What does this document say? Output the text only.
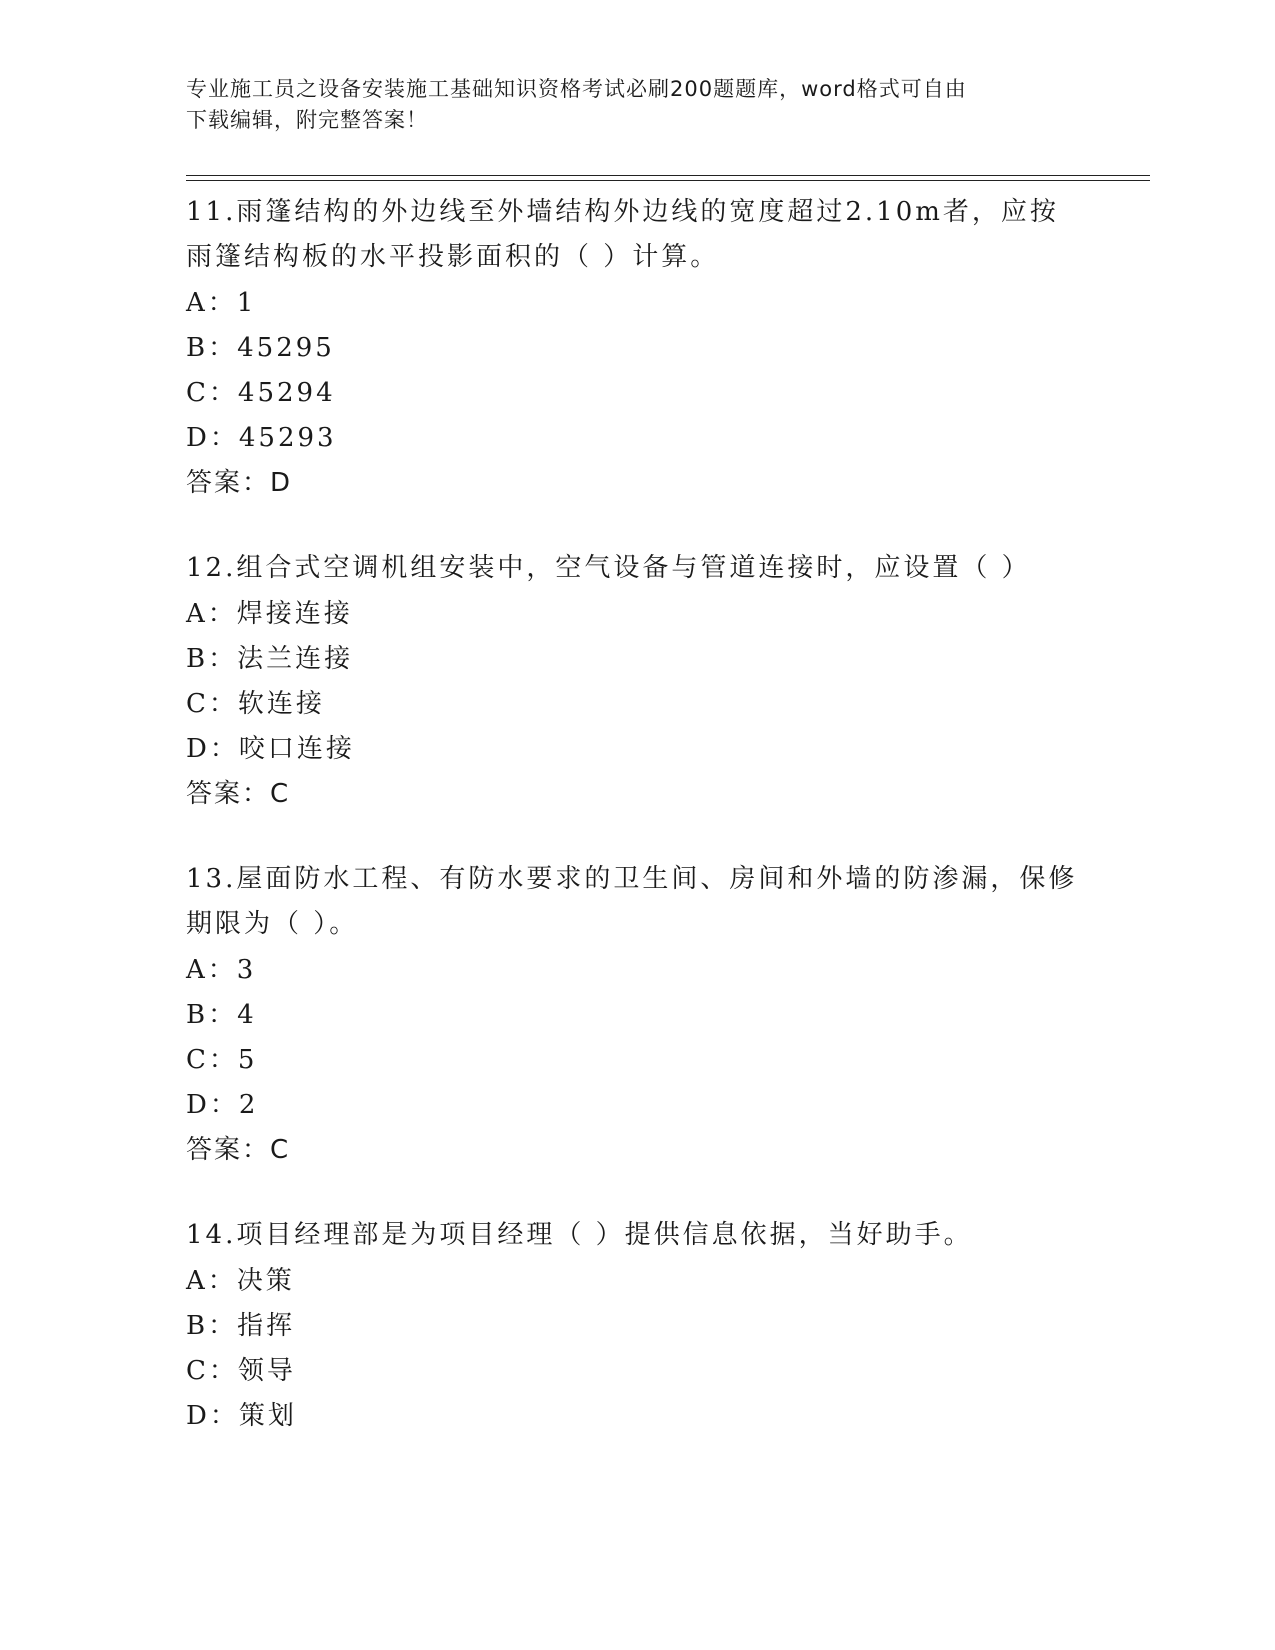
专业施工员之设备安装施工基础知识资格考试必刷200题题库，word格式可自由
下载编辑，附完整答案！
11.雨篷结构的外边线至外墙结构外边线的宽度超过2.10m者，应按雨篷结构板的水平投影面积的（ ）计算。
A： 1
B： 45295
C： 45294
D： 45293
答案：D
12.组合式空调机组安装中，空气设备与管道连接时，应设置（ ）
A： 焊接连接
B： 法兰连接
C： 软连接
D： 咬口连接
答案：C
13.屋面防水工程、有防水要求的卫生间、房间和外墙的防渗漏，保修期限为（ ）。
A： 3
B： 4
C： 5
D： 2
答案：C
14.项目经理部是为项目经理（ ）提供信息依据，当好助手。
A： 决策
B： 指挥
C： 领导
D： 策划
